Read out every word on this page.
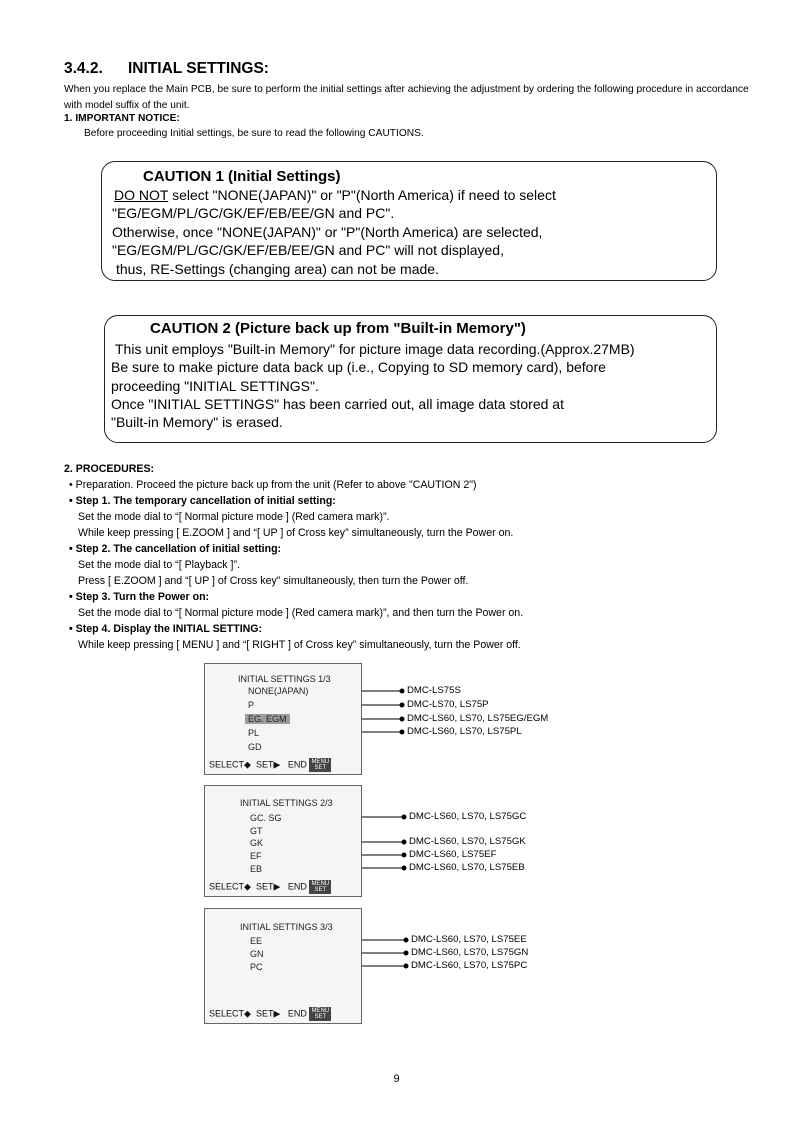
3.4.2. INITIAL SETTINGS:
When you replace the Main PCB, be sure to perform the initial settings after achieving the adjustment by ordering the following procedure in accordance with model suffix of the unit.
1. IMPORTANT NOTICE:
Before proceeding Initial settings, be sure to read the following CAUTIONS.
CAUTION 1 (Initial Settings)
DO NOT select "NONE(JAPAN)" or "P"(North America) if need to select
"EG/EGM/PL/GC/GK/EF/EB/EE/GN and PC".
Otherwise, once "NONE(JAPAN)" or "P"(North America) are selected,
"EG/EGM/PL/GC/GK/EF/EB/EE/GN and PC" will not displayed,
thus, RE-Settings (changing area) can not be made.
CAUTION 2 (Picture back up from "Built-in Memory")
This unit employs "Built-in Memory" for picture image data recording.(Approx.27MB)
Be sure to make picture data back up (i.e., Copying to SD memory card), before
proceeding "INITIAL SETTINGS".
Once "INITIAL SETTINGS" has been carried out, all image data stored at
"Built-in Memory" is erased.
2. PROCEDURES:
• Preparation. Proceed the picture back up from the unit (Refer to above "CAUTION 2")
• Step 1. The temporary cancellation of initial setting:
Set the mode dial to “[ Normal picture mode ] (Red camera mark)”.
While keep pressing [ E.ZOOM ] and “[ UP ] of Cross key” simultaneously, turn the Power on.
• Step 2. The cancellation of initial setting:
Set the mode dial to “[ Playback ]”.
Press [ E.ZOOM ] and “[ UP ] of Cross key” simultaneously, then turn the Power off.
• Step 3. Turn the Power on:
Set the mode dial to “[ Normal picture mode ] (Red camera mark)”, and then turn the Power on.
• Step 4. Display the INITIAL SETTING:
While keep pressing [ MENU ] and “[ RIGHT ] of Cross key” simultaneously, turn the Power off.
INITIAL SETTINGS 1/3
NONE(JAPAN)
P
EG. EGM
PL
GD
SELECT◆  SET▶   END MENU
SET
INITIAL SETTINGS 2/3
GC. SG
GT
GK
EF
EB
SELECT◆  SET▶   END MENU
SET
INITIAL SETTINGS 3/3
EE
GN
PC
SELECT◆  SET▶   END MENU
SET
DMC-LS75S
DMC-LS70, LS75P
DMC-LS60, LS70, LS75EG/EGM
DMC-LS60, LS70, LS75PL
DMC-LS60, LS70, LS75GC
DMC-LS60, LS70, LS75GK
DMC-LS60, LS75EF
DMC-LS60, LS70, LS75EB
DMC-LS60, LS70, LS75EE
DMC-LS60, LS70, LS75GN
DMC-LS60, LS70, LS75PC
9
